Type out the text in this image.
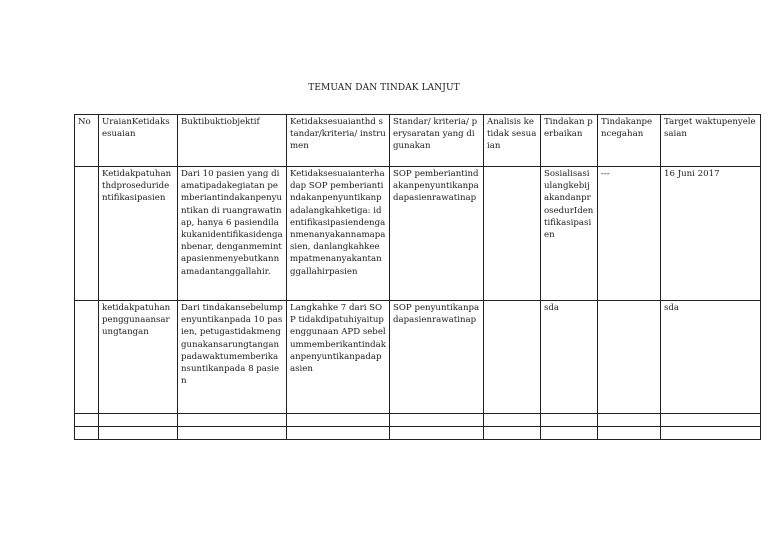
TEMUAN DAN TINDAK LANJUT
No	UraianKetidaksesuaian	Buktibuktiobjektif	Ketidaksesuaianthd standar/kriteria/ instrumen	Standar/ kriteria/ perysaratan yang digunakan	Analisis ketidak sesuaian	Tindakan perbaikan	Tindakanpencegahan	Target waktupenyelesaian
	Ketidakpatuhanthdproseduridentifikasipasien	Dari 10 pasien yang diamatipadakegiatan pemberiantindakanpenyuntikan di ruangrawatinap, hanya 6 pasiendilakukanidentifikasidenganbenar, denganmemintapasienmenyebutkannamadantanggallahir.	Ketidaksesuaianterhadap SOP pemberiantindakanpenyuntikanpadalangkahketiga: identifikasipasiendenganmenanyakannamapasien, danlangkahkeempatmenanyakantanggallahirpasien	SOP pemberiantindakanpenyuntikanpadapasienrawatinap		SosialisasiulangkebijakandanprosedurIdentifikasipasien	---	16 Juni 2017
	ketidakpatuhanpenggunaansarungtangan	Dari tindakansebelumpenyuntikanpada 10 pasien, petugastidakmenggunakansarungtanganpadawaktumemberikansuntikanpada 8 pasien	Langkahke 7 dari SOP tidakdipatuhiyaitupenggunaan APD sebelummemberikantindakanpenyuntikanpadapasien	SOP penyuntikanpadapasienrawatinap		sda		sda
